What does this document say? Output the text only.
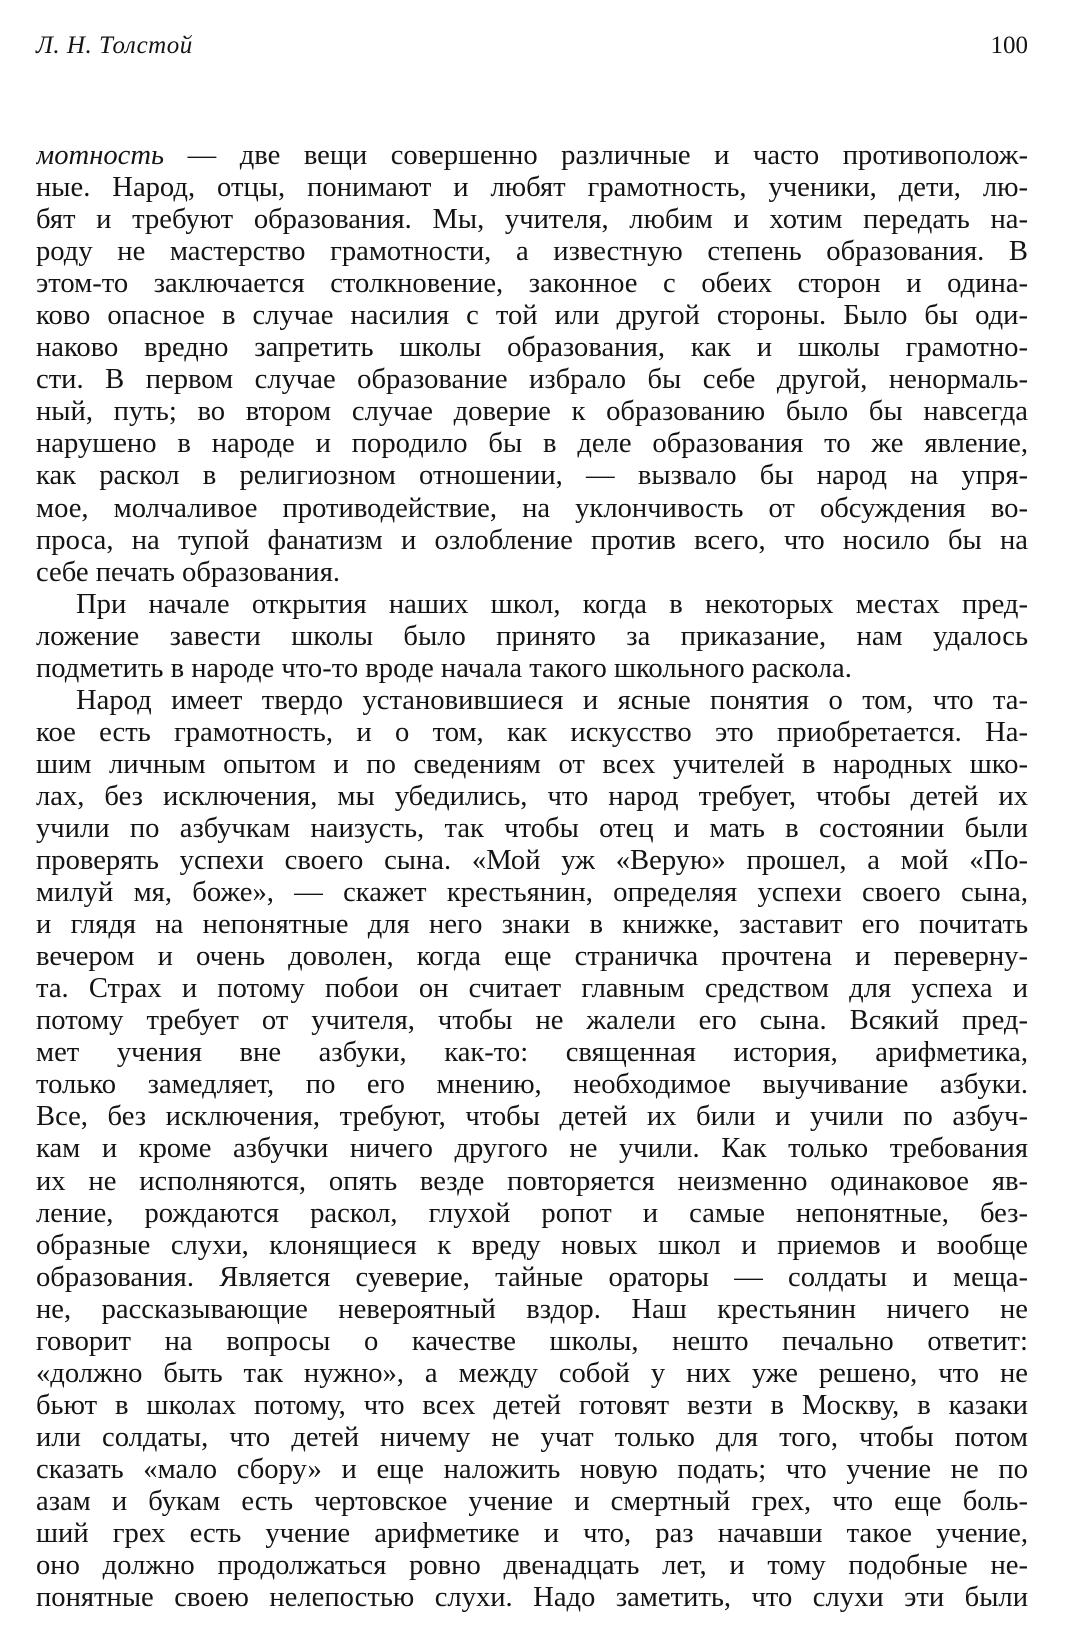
Л. Н. Толстой	100
мотность — две вещи совершенно различные и часто противополож-
ные. Народ, отцы, понимают и любят грамотность, ученики, дети, лю-
бят и требуют образования. Мы, учителя, любим и хотим передать на-
роду не мастерство грамотности, а известную степень образования. В
этом-то заключается столкновение, законное с обеих сторон и одина-
ково опасное в случае насилия с той или другой стороны. Было бы оди-
наково вредно запретить школы образования, как и школы грамотно-
сти. В первом случае образование избрало бы себе другой, ненормаль-
ный, путь; во втором случае доверие к образованию было бы навсегда
нарушено в народе и породило бы в деле образования то же явление,
как раскол в религиозном отношении, — вызвало бы народ на упря-
мое, молчаливое противодействие, на уклончивость от обсуждения во-
проса, на тупой фанатизм и озлобление против всего, что носило бы на
себе печать образования.
При начале открытия наших школ, когда в некоторых местах пред-
ложение завести школы было принято за приказание, нам удалось
подметить в народе что-то вроде начала такого школьного раскола.
Народ имеет твердо установившиеся и ясные понятия о том, что та-
кое есть грамотность, и о том, как искусство это приобретается. На-
шим личным опытом и по сведениям от всех учителей в народных шко-
лах, без исключения, мы убедились, что народ требует, чтобы детей их
учили по азбучкам наизусть, так чтобы отец и мать в состоянии были
проверять успехи своего сына. «Мой уж «Верую» прошел, а мой «По-
милуй мя, боже», — скажет крестьянин, определяя успехи своего сына,
и глядя на непонятные для него знаки в книжке, заставит его почитать
вечером и очень доволен, когда еще страничка прочтена и переверну-
та. Страх и потому побои он считает главным средством для успеха и
потому требует от учителя, чтобы не жалели его сына. Всякий пред-
мет учения вне азбуки, как-то: священная история, арифметика,
только замедляет, по его мнению, необходимое выучивание азбуки.
Все, без исключения, требуют, чтобы детей их били и учили по азбуч-
кам и кроме азбучки ничего другого не учили. Как только требования
их не исполняются, опять везде повторяется неизменно одинаковое яв-
ление, рождаются раскол, глухой ропот и самые непонятные, без-
образные слухи, клонящиеся к вреду новых школ и приемов и вообще
образования. Является суеверие, тайные ораторы — солдаты и меща-
не, рассказывающие невероятный вздор. Наш крестьянин ничего не
говорит на вопросы о качестве школы, нешто печально ответит:
«должно быть так нужно», а между собой у них уже решено, что не
бьют в школах потому, что всех детей готовят везти в Москву, в казаки
или солдаты, что детей ничему не учат только для того, чтобы потом
сказать «мало сбору» и еще наложить новую подать; что учение не по
азам и букам есть чертовское учение и смертный грех, что еще боль-
ший грех есть учение арифметике и что, раз начавши такое учение,
оно должно продолжаться ровно двенадцать лет, и тому подобные не-
понятные своею нелепостью слухи. Надо заметить, что слухи эти были
